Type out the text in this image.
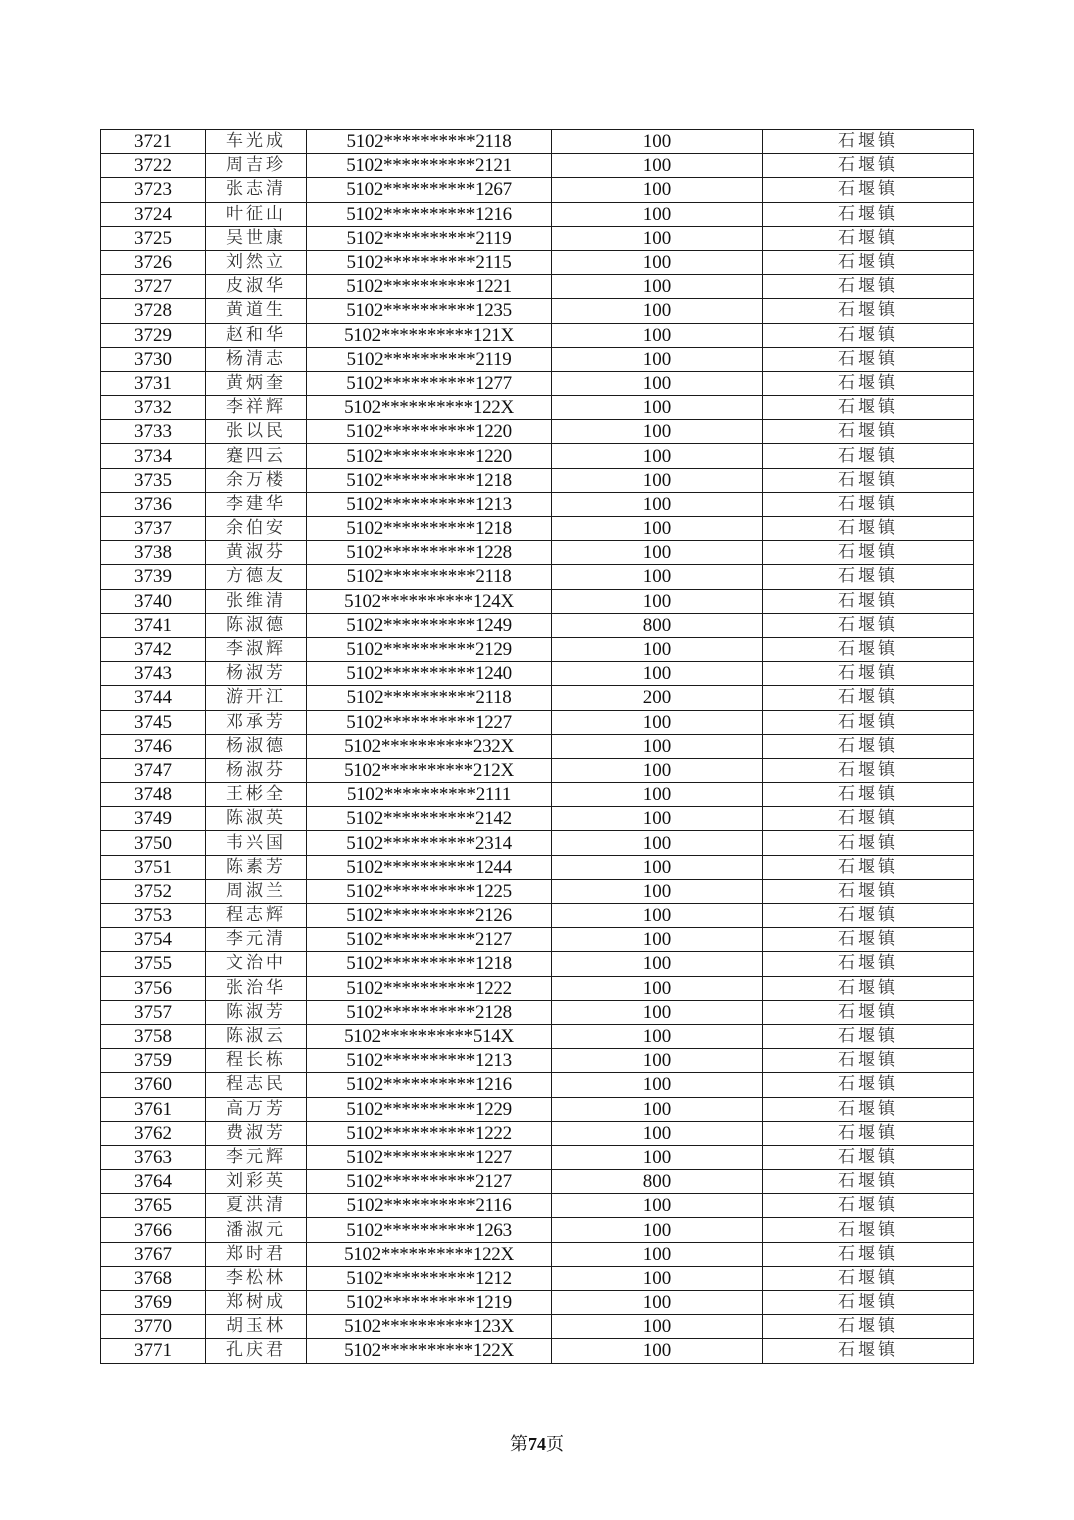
3721	车光成	5102**********2118	100	石堰镇
3722	周吉珍	5102**********2121	100	石堰镇
3723	张志清	5102**********1267	100	石堰镇
3724	叶征山	5102**********1216	100	石堰镇
3725	吴世康	5102**********2119	100	石堰镇
3726	刘然立	5102**********2115	100	石堰镇
3727	皮淑华	5102**********1221	100	石堰镇
3728	黄道生	5102**********1235	100	石堰镇
3729	赵和华	5102**********121X	100	石堰镇
3730	杨清志	5102**********2119	100	石堰镇
3731	黄炳奎	5102**********1277	100	石堰镇
3732	李祥辉	5102**********122X	100	石堰镇
3733	张以民	5102**********1220	100	石堰镇
3734	蹇四云	5102**********1220	100	石堰镇
3735	余万楼	5102**********1218	100	石堰镇
3736	李建华	5102**********1213	100	石堰镇
3737	余伯安	5102**********1218	100	石堰镇
3738	黄淑芬	5102**********1228	100	石堰镇
3739	方德友	5102**********2118	100	石堰镇
3740	张维清	5102**********124X	100	石堰镇
3741	陈淑德	5102**********1249	800	石堰镇
3742	李淑辉	5102**********2129	100	石堰镇
3743	杨淑芳	5102**********1240	100	石堰镇
3744	游开江	5102**********2118	200	石堰镇
3745	邓承芳	5102**********1227	100	石堰镇
3746	杨淑德	5102**********232X	100	石堰镇
3747	杨淑芬	5102**********212X	100	石堰镇
3748	王彬全	5102**********2111	100	石堰镇
3749	陈淑英	5102**********2142	100	石堰镇
3750	韦兴国	5102**********2314	100	石堰镇
3751	陈素芳	5102**********1244	100	石堰镇
3752	周淑兰	5102**********1225	100	石堰镇
3753	程志辉	5102**********2126	100	石堰镇
3754	李元清	5102**********2127	100	石堰镇
3755	文治中	5102**********1218	100	石堰镇
3756	张治华	5102**********1222	100	石堰镇
3757	陈淑芳	5102**********2128	100	石堰镇
3758	陈淑云	5102**********514X	100	石堰镇
3759	程长栋	5102**********1213	100	石堰镇
3760	程志民	5102**********1216	100	石堰镇
3761	高万芳	5102**********1229	100	石堰镇
3762	费淑芳	5102**********1222	100	石堰镇
3763	李元辉	5102**********1227	100	石堰镇
3764	刘彩英	5102**********2127	800	石堰镇
3765	夏洪清	5102**********2116	100	石堰镇
3766	潘淑元	5102**********1263	100	石堰镇
3767	郑时君	5102**********122X	100	石堰镇
3768	李松林	5102**********1212	100	石堰镇
3769	郑树成	5102**********1219	100	石堰镇
3770	胡玉林	5102**********123X	100	石堰镇
3771	孔庆君	5102**********122X	100	石堰镇
第74页
